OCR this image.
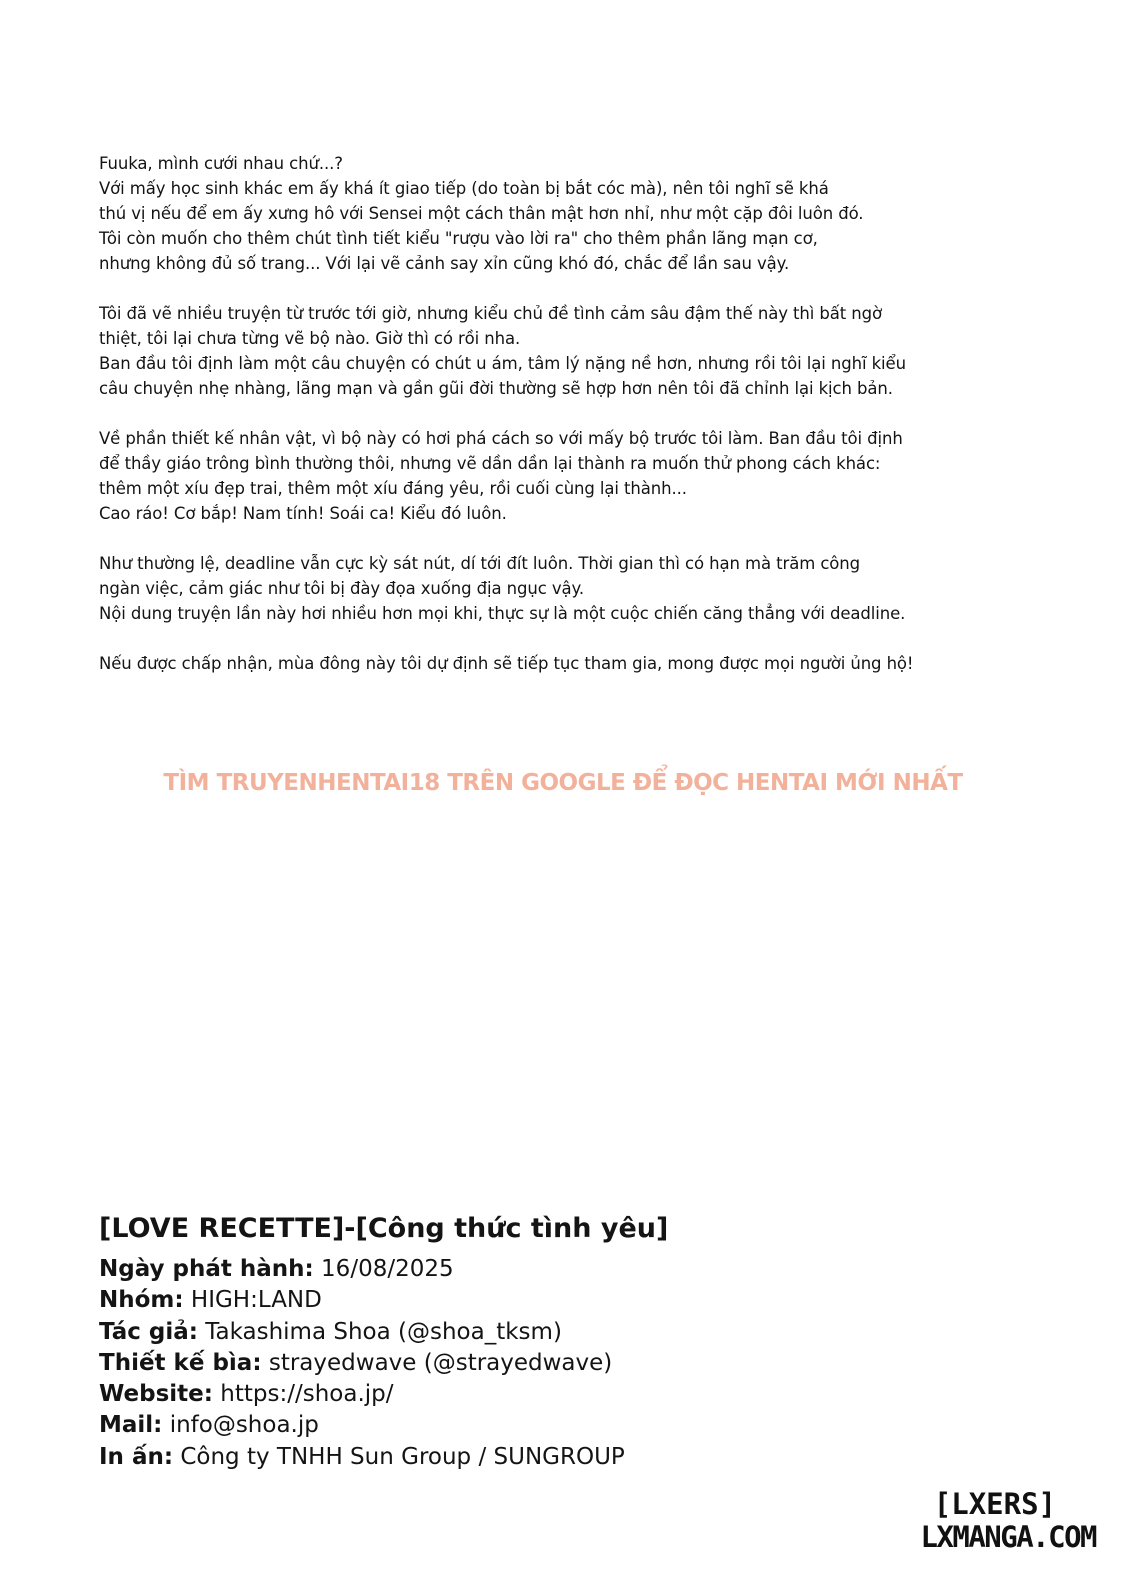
Fuuka, mình cưới nhau chứ...?
Với mấy học sinh khác em ấy khá ít giao tiếp (do toàn bị bắt cóc mà), nên tôi nghĩ sẽ khá
thú vị nếu để em ấy xưng hô với Sensei một cách thân mật hơn nhỉ, như một cặp đôi luôn đó.
Tôi còn muốn cho thêm chút tình tiết kiểu "rượu vào lời ra" cho thêm phần lãng mạn cơ,
nhưng không đủ số trang... Với lại vẽ cảnh say xỉn cũng khó đó, chắc để lần sau vậy.

Tôi đã vẽ nhiều truyện từ trước tới giờ, nhưng kiểu chủ đề tình cảm sâu đậm thế này thì bất ngờ
thiệt, tôi lại chưa từng vẽ bộ nào. Giờ thì có rồi nha.
Ban đầu tôi định làm một câu chuyện có chút u ám, tâm lý nặng nề hơn, nhưng rồi tôi lại nghĩ kiểu
câu chuyện nhẹ nhàng, lãng mạn và gần gũi đời thường sẽ hợp hơn nên tôi đã chỉnh lại kịch bản.

Về phần thiết kế nhân vật, vì bộ này có hơi phá cách so với mấy bộ trước tôi làm. Ban đầu tôi định
để thầy giáo trông bình thường thôi, nhưng vẽ dần dần lại thành ra muốn thử phong cách khác:
thêm một xíu đẹp trai, thêm một xíu đáng yêu, rồi cuối cùng lại thành...
Cao ráo! Cơ bắp! Nam tính! Soái ca! Kiểu đó luôn.

Như thường lệ, deadline vẫn cực kỳ sát nút, dí tới đít luôn. Thời gian thì có hạn mà trăm công
ngàn việc, cảm giác như tôi bị đày đọa xuống địa ngục vậy.
Nội dung truyện lần này hơi nhiều hơn mọi khi, thực sự là một cuộc chiến căng thẳng với deadline.

Nếu được chấp nhận, mùa đông này tôi dự định sẽ tiếp tục tham gia, mong được mọi người ủng hộ!

TÌM TRUYENHENTAI18 TRÊN GOOGLE ĐỂ ĐỌC HENTAI MỚI NHẤT
[LOVE RECETTE]-[Công thức tình yêu]
Ngày phát hành: 16/08/2025
Nhóm: HIGH:LAND
Tác giả: Takashima Shoa (@shoa_tksm)
Thiết kế bìa: strayedwave (@strayedwave)
Website: https://shoa.jp/
Mail: info@shoa.jp
In ấn: Công ty TNHH Sun Group / SUNGROUP
[LXERS]
LXMANGA.COM
